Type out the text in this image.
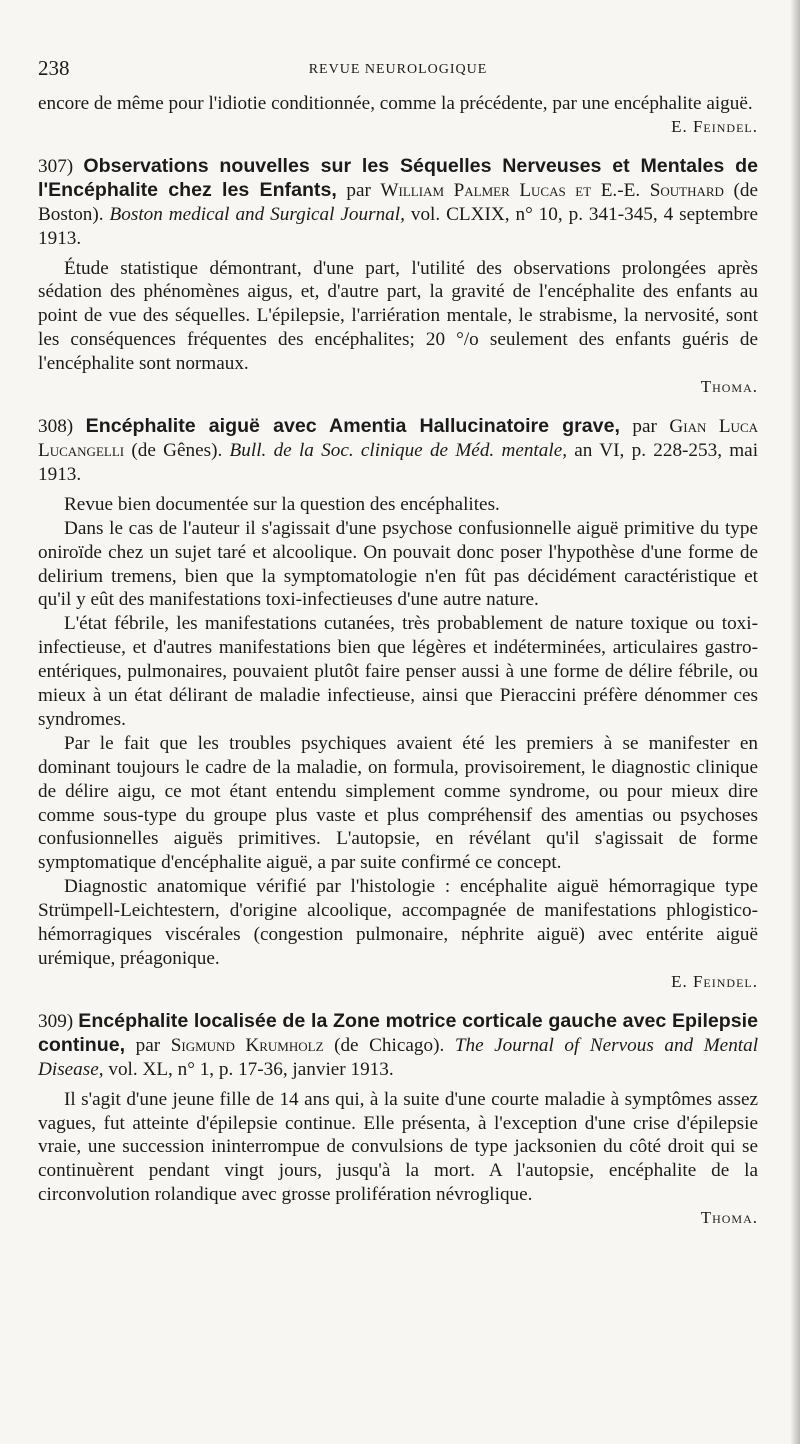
238	REVUE NEUROLOGIQUE

encore de même pour l'idiotie conditionnée, comme la précédente, par une encéphalite aiguë.

E. Feindel.

307) Observations nouvelles sur les Séquelles Nerveuses et Mentales de l'Encéphalite chez les Enfants, par William Palmer Lucas et E.-E. Southard (de Boston). Boston medical and Surgical Journal, vol. CLXIX, n° 10, p. 341-345, 4 septembre 1913.

Étude statistique démontrant, d'une part, l'utilité des observations prolongées après sédation des phénomènes aigus, et, d'autre part, la gravité de l'encéphalite des enfants au point de vue des séquelles. L'épilepsie, l'arriération mentale, le strabisme, la nervosité, sont les conséquences fréquentes des encéphalites; 20 °/o seulement des enfants guéris de l'encéphalite sont normaux.

Thoma.

308) Encéphalite aiguë avec Amentia Hallucinatoire grave, par Gian Luca Lucangelli (de Gênes). Bull. de la Soc. clinique de Méd. mentale, an VI, p. 228-253, mai 1913.

Revue bien documentée sur la question des encéphalites.

Dans le cas de l'auteur il s'agissait d'une psychose confusionnelle aiguë primitive du type oniroïde chez un sujet taré et alcoolique. On pouvait donc poser l'hypothèse d'une forme de delirium tremens, bien que la symptomatologie n'en fût pas décidément caractéristique et qu'il y eût des manifestations toxi-infectieuses d'une autre nature.

L'état fébrile, les manifestations cutanées, très probablement de nature toxique ou toxi-infectieuse, et d'autres manifestations bien que légères et indéterminées, articulaires gastro-entériques, pulmonaires, pouvaient plutôt faire penser aussi à une forme de délire fébrile, ou mieux à un état délirant de maladie infectieuse, ainsi que Pieraccini préfère dénommer ces syndromes.

Par le fait que les troubles psychiques avaient été les premiers à se manifester en dominant toujours le cadre de la maladie, on formula, provisoirement, le diagnostic clinique de délire aigu, ce mot étant entendu simplement comme syndrome, ou pour mieux dire comme sous-type du groupe plus vaste et plus compréhensif des amentias ou psychoses confusionnelles aiguës primitives. L'autopsie, en révélant qu'il s'agissait de forme symptomatique d'encéphalite aiguë, a par suite confirmé ce concept.

Diagnostic anatomique vérifié par l'histologie : encéphalite aiguë hémorragique type Strümpell-Leichtestern, d'origine alcoolique, accompagnée de manifestations phlogistico-hémorragiques viscérales (congestion pulmonaire, néphrite aiguë) avec entérite aiguë urémique, préagonique.

E. Feindel.

309) Encéphalite localisée de la Zone motrice corticale gauche avec Epilepsie continue, par Sigmund Krumholz (de Chicago). The Journal of Nervous and Mental Disease, vol. XL, n° 1, p. 17-36, janvier 1913.

Il s'agit d'une jeune fille de 14 ans qui, à la suite d'une courte maladie à symptômes assez vagues, fut atteinte d'épilepsie continue. Elle présenta, à l'exception d'une crise d'épilepsie vraie, une succession ininterrompue de convulsions de type jacksonien du côté droit qui se continuèrent pendant vingt jours, jusqu'à la mort. A l'autopsie, encéphalite de la circonvolution rolandique avec grosse prolifération névroglique.

Thoma.
